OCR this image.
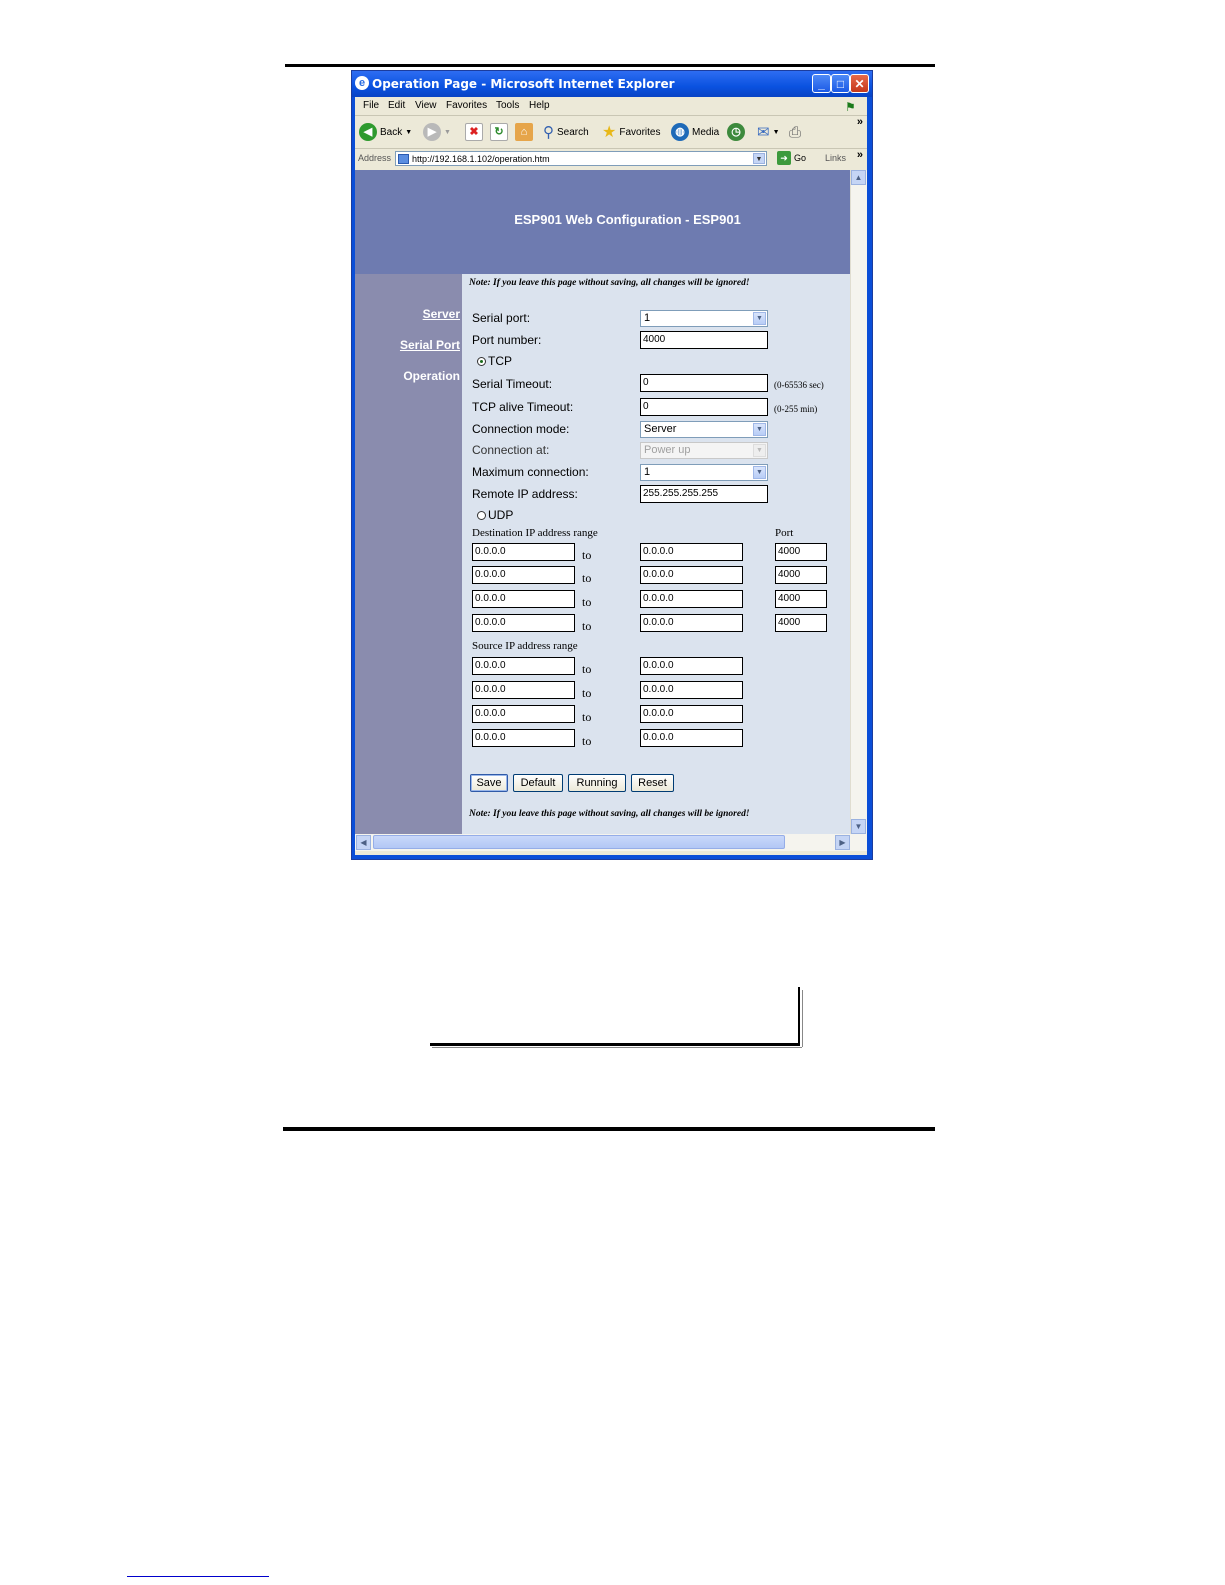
e Operation Page - Microsoft Internet Explorer	_	□ ✕
File Edit View Favorites Tools Help	⚑
◀ Back ▼	▶	▼	✖	↻	⌂	⚲ Search ★ Favorites	◍ Media	◷ ✉ ▼ ⎙
»
Address	http://192.168.1.102/operation.htm	▼	➜ Go Links »
ESP901 Web Configuration - ESP901
Server
Serial Port
Operation
Note: If you leave this page without saving, all changes will be ignored!
Serial port:	1	▼
Port number:	4000
TCP
Serial Timeout:	0	(0-65536 sec)
TCP alive Timeout:	0	(0-255 min)
Connection mode:	Server	▼
Connection at:	Power up	▼
Maximum connection:	1	▼
Remote IP address:	255.255.255.255
UDP
Destination IP address range	Port
0.0.0.0	to	0.0.0.0	4000
0.0.0.0	to	0.0.0.0	4000
0.0.0.0	to	0.0.0.0	4000
0.0.0.0	to	0.0.0.0	4000
Source IP address range
0.0.0.0	to	0.0.0.0
0.0.0.0	to	0.0.0.0
0.0.0.0	to	0.0.0.0
0.0.0.0	to	0.0.0.0
Save	Default	Running	Reset
Note: If you leave this page without saving, all changes will be ignored!
▲
▼
◀	▶
